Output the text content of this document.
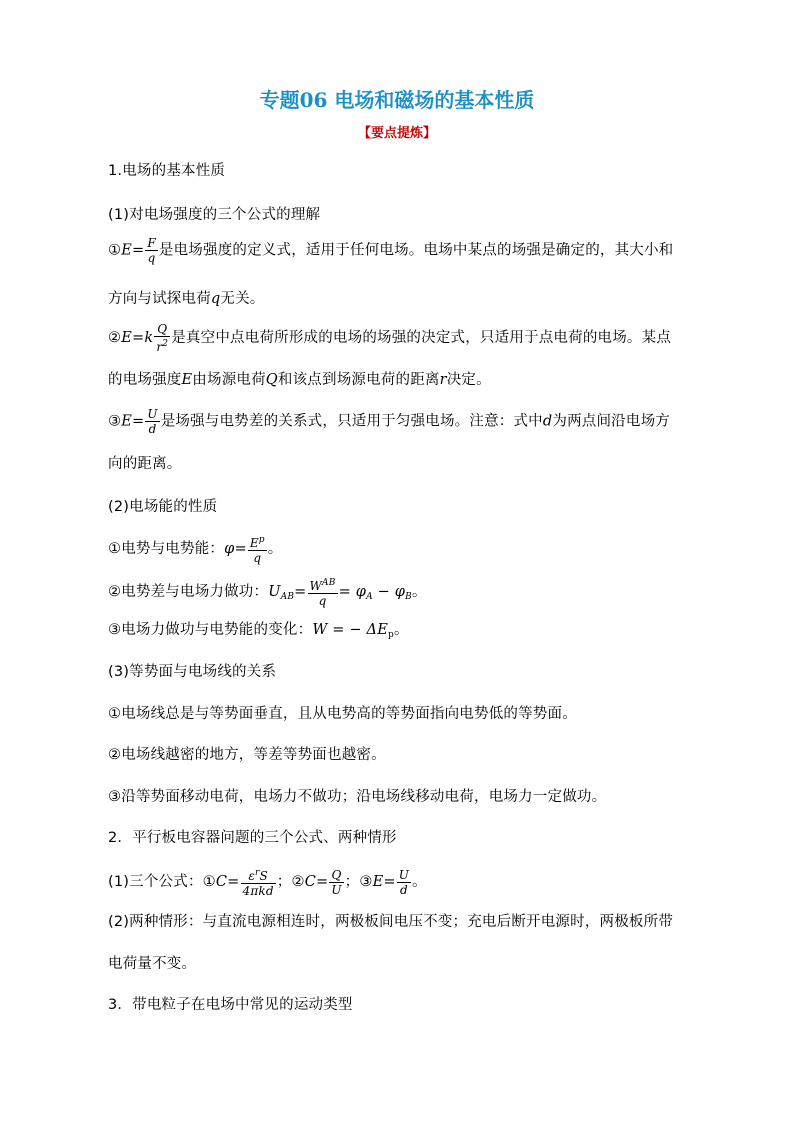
专题06 电场和磁场的基本性质
【要点提炼】
1.电场的基本性质
(1)对电场强度的三个公式的理解
①E= $\frac{F}{q}$ 是电场强度的定义式，适用于任何电场。电场中某点的场强是确定的，其大小和
方向与试探电荷q无关。
②E=k $\frac{Q}{r^2}$ 是真空中点电荷所形成的电场的场强的决定式，只适用于点电荷的电场。某点
的电场强度E由场源电荷Q和该点到场源电荷的距离r决定。
③E= $\frac{U}{d}$ 是场强与电势差的关系式，只适用于匀强电场。注意：式中d为两点间沿电场方
向的距离。
(2)电场能的性质
①电势与电势能：$\varphi= \frac{E^p}{q}$ 。
②电势差与电场力做功：$U_{AB}= \frac{W^{AB}}{q} = \varphi_A - \varphi_B$。
③电场力做功与电势能的变化：W = − $\Delta E_p$。
(3)等势面与电场线的关系
①电场线总是与等势面垂直，且从电势高的等势面指向电势低的等势面。
②电场线越密的地方，等差等势面也越密。
③沿等势面移动电荷，电场力不做功；沿电场线移动电荷，电场力一定做功。
2．平行板电容器问题的三个公式、两种情形
(1)三个公式：①C= $\frac{\varepsilon^rS}{\text{4πkd}}$ ；②C= $\frac{Q}{U}$ ；③E= $\frac{U}{d}$ 。
(2)两种情形：与直流电源相连时，两极板间电压不变；充电后断开电源时，两极板所带
电荷量不变。
3．带电粒子在电场中常见的运动类型
